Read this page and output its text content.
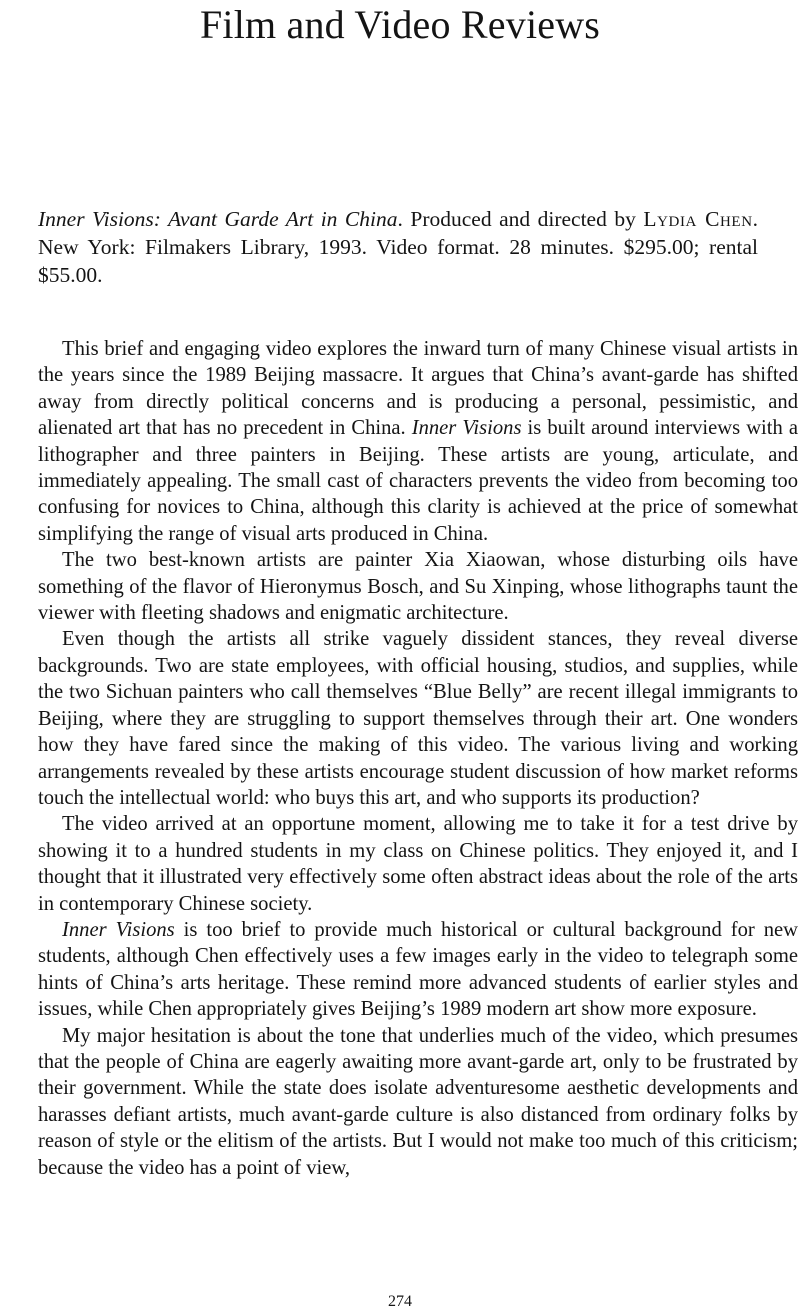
Film and Video Reviews
Inner Visions: Avant Garde Art in China. Produced and directed by Lydia Chen. New York: Filmakers Library, 1993. Video format. 28 minutes. $295.00; rental $55.00.

This brief and engaging video explores the inward turn of many Chinese visual artists in the years since the 1989 Beijing massacre. It argues that China’s avant-garde has shifted away from directly political concerns and is producing a personal, pessimistic, and alienated art that has no precedent in China. Inner Visions is built around interviews with a lithographer and three painters in Beijing. These artists are young, articulate, and immediately appealing. The small cast of characters prevents the video from becoming too confusing for novices to China, although this clarity is achieved at the price of somewhat simplifying the range of visual arts produced in China.

The two best-known artists are painter Xia Xiaowan, whose disturbing oils have something of the flavor of Hieronymus Bosch, and Su Xinping, whose lithographs taunt the viewer with fleeting shadows and enigmatic architecture.

Even though the artists all strike vaguely dissident stances, they reveal diverse backgrounds. Two are state employees, with official housing, studios, and supplies, while the two Sichuan painters who call themselves “Blue Belly” are recent illegal immigrants to Beijing, where they are struggling to support themselves through their art. One wonders how they have fared since the making of this video. The various living and working arrangements revealed by these artists encourage student discussion of how market reforms touch the intellectual world: who buys this art, and who supports its production?

The video arrived at an opportune moment, allowing me to take it for a test drive by showing it to a hundred students in my class on Chinese politics. They enjoyed it, and I thought that it illustrated very effectively some often abstract ideas about the role of the arts in contemporary Chinese society.

Inner Visions is too brief to provide much historical or cultural background for new students, although Chen effectively uses a few images early in the video to telegraph some hints of China’s arts heritage. These remind more advanced students of earlier styles and issues, while Chen appropriately gives Beijing’s 1989 modern art show more exposure.

My major hesitation is about the tone that underlies much of the video, which presumes that the people of China are eagerly awaiting more avant-garde art, only to be frustrated by their government. While the state does isolate adventuresome aesthetic developments and harasses defiant artists, much avant-garde culture is also distanced from ordinary folks by reason of style or the elitism of the artists. But I would not make too much of this criticism; because the video has a point of view,

274
